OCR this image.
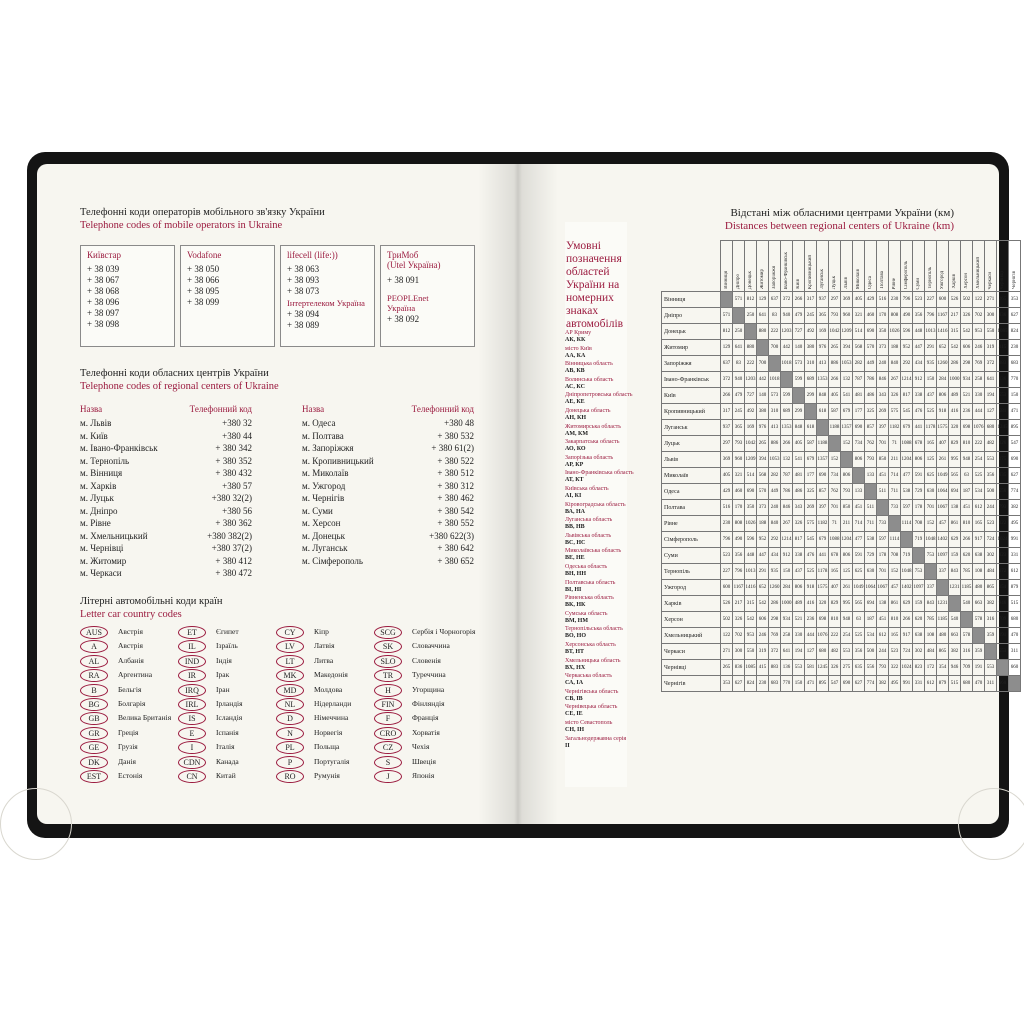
Телефонні коди операторів мобільного зв'язку України
Telephone codes of mobile operators in Ukraine
Київстар
+ 38 039
+ 38 067
+ 38 068
+ 38 096
+ 38 097
+ 38 098
Vodafone
+ 38 050
+ 38 066
+ 38 095
+ 38 099
lifecell (life:))
+ 38 063
+ 38 093
+ 38 073
Інтертелеком Україна
+ 38 094
+ 38 089
ТриМоб
(Utel Україна)
+ 38 091
PEOPLEnet
Україна
+ 38 092
Телефонні коди обласних центрів України
Telephone codes of regional centers of Ukraine
Назва	Телефонний код
м. Львів	+380 32
м. Київ	+380 44
м. Івано-Франківськ	+ 380 342
м. Тернопіль	+ 380 352
м. Вінниця	+ 380 432
м. Харків	+380 57
м. Луцьк	+380 32(2)
м. Дніпро	+380 56
м. Рівне	+ 380 362
м. Хмельницький	+380 382(2)
м. Чернівці	+380 37(2)
м. Житомир	+ 380 412
м. Черкаси	+ 380 472
Назва	Телефонний код
м. Одеса	+380 48
м. Полтава	+ 380 532
м. Запоріжжя	+ 380 61(2)
м. Кропивницький	+ 380 522
м. Миколаїв	+ 380 512
м. Ужгород	+ 380 312
м. Чернігів	+ 380 462
м. Суми	+ 380 542
м. Херсон	+ 380 552
м. Донецьк	+380 622(3)
м. Луганськ	+ 380 642
м. Сімферополь	+ 380 652
Літерні автомобільні коди країн
Letter car country codes
AUS	Австрія
A	Австрія
AL	Албанія
RA	Аргентина
B	Бельгія
BG	Болгарія
GB	Велика Британія
GR	Греція
GE	Грузія
DK	Данія
EST	Естонія
ET	Єгипет
IL	Ізраїль
IND	Індія
IR	Ірак
IRQ	Іран
IRL	Ірландія
IS	Ісландія
E	Іспанія
I	Італія
CDN	Канада
CN	Китай
CY	Кіпр
LV	Латвія
LT	Литва
MK	Македонія
MD	Молдова
NL	Нідерланди
D	Німеччина
N	Норвегія
PL	Польща
P	Португалія
RO	Румунія
SCG	Сербія і Чорногорія
SK	Словаччина
SLO	Словенія
TR	Туреччина
H	Угорщина
FIN	Фінляндія
F	Франція
CRO	Хорватія
CZ	Чехія
S	Швеція
J	Японія
Умовні позначення областей України на номерних знаках автомобілів
АР Криму
АК, КК
місто Київ
АА, КА
Вінницька область
АВ, КВ
Волинська область
АС, КС
Дніпропетровська область
АЕ, КЕ
Донецька область
АН, КН
Житомирська область
АМ, КМ
Закарпатська область
АО, КО
Запорізька область
АР, КР
Івано-Франківська область
АТ, КТ
Київська область
АІ, КІ
Кіровоградська область
ВА, НА
Луганська область
ВВ, НВ
Львівська область
ВС, НС
Миколаївська область
ВЕ, НЕ
Одеська область
ВН, НН
Полтавська область
ВІ, НІ
Рівненська область
ВК, НК
Сумська область
ВМ, НМ
Тернопільська область
ВО, НО
Херсонська область
ВТ, НТ
Хмельницька область
ВХ, НХ
Черкаська область
СА, ІА
Чернігівська область
СВ, ІВ
Чернівецька область
СЕ, ІЕ
місто Севастополь
СН, ІН
Загальнодержавна серія
ІІ
Відстані між обласними центрами України (км)
Distances between regional centers of Ukraine (km)
	Вінниця	Дніпро	Донецьк	Житомир	Запоріжжя	Івано-Франківськ	Київ	Кропивницький	Луганськ	Луцьк	Львів	Миколаїв	Одеса	Полтава	Рівне	Сімферополь	Суми	Тернопіль	Ужгород	Харків	Херсон	Хмельницький	Черкаси	Чернівці	Чернігів
Вінниця		571	812	129	637	372	266	317	937	297	369	405	429	516	230	796	523	227	600	526	502	122	271	265	353
Дніпро	571		250	641	83	940	479	245	365	793	960	321	460	170	808	490	356	796	1167	217	326	702	300	836	627
Донецьк	812	250		880	222	1203	727	492	169	1042	1209	514	690	350	1026	596	448	1013	1416	315	542	953	550	1085	824
Житомир	129	641	880		700	442	140	380	976	265	394	568	570	373	188	952	447	291	652	542	606	246	319	415	230
Запоріжжя	637	83	222	700		1018	573	310	413	886	1053	282	449	240	840	292	434	935	1260	286	298	769	372	883	683
Івано-Франківськ	372	940	1203	442	1018		599	689	1353	266	132	787	786	846	267	1214	912	150	284	1000	934	258	641	136	770
Київ	266	479	727	140	573	599		299	848	405	541	481	486	343	326	817	338	437	806	489	521	330	194	553	150
Кропивницький	317	245	492	380	310	689	299		618	587	679	177	325	269	575	545	476	525	918	416	236	444	127	581	471
Луганськ	937	365	169	976	413	1353	848	618		1188	1357	690	857	397	1182	679	441	1178	1575	320	698	1076	680	1245	895
Луцьк	297	793	1042	265	886	266	405	587	1188		152	734	762	701	71	1088	678	165	407	829	810	222	482	326	547
Львів	369	960	1209	394	1053	132	541	679	1357	152		806	793	850	211	1204	806	125	261	995	948	254	553	275	690
Миколаїв	405	321	514	568	282	787	481	177	690	734	806		133	451	714	477	591	625	1049	565	63	525	356	635	627
Одеса	429	460	690	570	449	786	486	325	857	762	793	133		511	711	538	729	630	1064	694	187	534	500	556	774
Полтава	516	170	350	373	240	846	343	269	397	701	850	451	511		733	597	178	701	1067	138	451	612	244	793	382
Рівне	230	808	1026	188	840	267	326	575	1182	71	211	714	711	733		1114	708	152	457	861	810	165	523	322	495
Сімферополь	796	490	596	952	292	1214	817	545	679	1088	1204	477	538	597	1114		719	1048	1402	629	266	917	724	1024	991
Суми	523	356	448	447	434	912	338	476	441	678	806	591	729	178	708	719		753	1097	159	620	638	302	823	331
Тернопіль	227	796	1013	291	935	150	437	525	1178	165	125	625	630	701	152	1048	753		337	843	785	108	484	172	612
Ужгород	600	1167	1416	652	1260	284	806	918	1575	407	261	1049	1064	1067	457	1402	1097	337		1231	1185	480	865	354	879
Харків	526	217	315	542	286	1000	489	416	320	829	995	565	694	138	861	629	159	843	1231		540	663	382	946	515
Херсон	502	326	542	606	298	934	521	236	698	810	948	63	187	451	810	266	620	785	1185	540		578	316	709	680
Хмельницький	122	702	953	246	769	258	330	444	1076	222	254	525	534	612	165	917	638	108	480	663	578		359	191	470
Черкаси	271	300	550	319	372	641	194	127	680	482	553	356	500	244	523	724	302	484	865	382	316	359		553	311
Чернівці	265	836	1085	415	883	136	553	581	1245	326	275	635	556	793	322	1024	823	172	354	946	709	191	553		660
Чернігів	353	627	824	230	683	770	150	471	895	547	690	627	774	382	495	991	331	612	879	515	680	470	311	660	
